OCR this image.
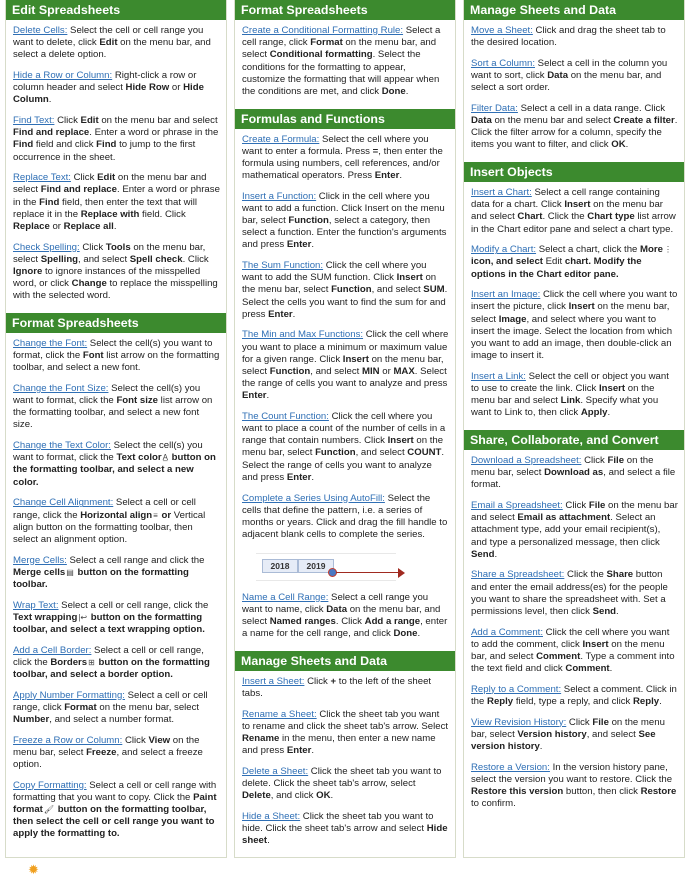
Edit Spreadsheets

Delete Cells: Select the cell or cell range you want to delete, click Edit on the menu bar, and select a delete option.

Hide a Row or Column: Right-click a row or column header and select Hide Row or Hide Column.

Find Text: Click Edit on the menu bar and select Find and replace. Enter a word or phrase in the Find field and click Find to jump to the first occurrence in the sheet.

Replace Text: Click Edit on the menu bar and select Find and replace. Enter a word or phrase in the Find field, then enter the text that will replace it in the Replace with field. Click Replace or Replace all.

Check Spelling: Click Tools on the menu bar, select Spelling, and select Spell check. Click Ignore to ignore instances of the misspelled word, or click Change to replace the misspelling with the selected word.

Format Spreadsheets

Change the Font: Select the cell(s) you want to format, click the Font list arrow on the formatting toolbar, and select a new font.

Change the Font Size: Select the cell(s) you want to format, click the Font size list arrow on the formatting toolbar, and select a new font size.

Change the Text Color: Select the cell(s) you want to format, click the Text colorA̲ button on the formatting toolbar, and select a new color.

Change Cell Alignment: Select a cell or cell range, click the Horizontal align≡ or Vertical align button on the formatting toolbar, then select an alignment option.

Merge Cells: Select a cell range and click the Merge cells▤ button on the formatting toolbar.

Wrap Text: Select a cell or cell range, click the Text wrapping|↩ button on the formatting toolbar, and select a text wrapping option.

Add a Cell Border: Select a cell or cell range, click the Borders⊞ button on the formatting toolbar, and select a border option.

Apply Number Formatting: Select a cell or cell range, click Format on the menu bar, select Number, and select a number format.

Freeze a Row or Column: Click View on the menu bar, select Freeze, and select a freeze option.

Copy Formatting: Select a cell or cell range with formatting that you want to copy. Click the Paint format🖌 button on the formatting toolbar, then select the cell or cell range you want to apply the formatting to.

Format Spreadsheets

Create a Conditional Formatting Rule: Select a cell range, click Format on the menu bar, and select Conditional formatting. Select the conditions for the formatting to appear, customize the formatting that will appear when the conditions are met, and click Done.

Formulas and Functions

Create a Formula: Select the cell where you want to enter a formula. Press =, then enter the formula using numbers, cell references, and/or mathematical operators. Press Enter.

Insert a Function: Click in the cell where you want to add a function. Click Insert on the menu bar, select Function, select a category, then select a function. Enter the function's arguments and press Enter.

The Sum Function: Click the cell where you want to add the SUM function. Click Insert on the menu bar, select Function, and select SUM. Select the cells you want to find the sum for and press Enter.

The Min and Max Functions: Click the cell where you want to place a minimum or maximum value for a given range. Click Insert on the menu bar, select Function, and select MIN or MAX. Select the range of cells you want to analyze and press Enter.

The Count Function: Click the cell where you want to place a count of the number of cells in a range that contain numbers. Click Insert on the menu bar, select Function, and select COUNT. Select the range of cells you want to analyze and press Enter.

Complete a Series Using AutoFill: Select the cells that define the pattern, i.e. a series of months or years. Click and drag the fill handle to adjacent blank cells to complete the series.

2018	2019

Name a Cell Range: Select a cell range you want to name, click Data on the menu bar, and select Named ranges. Click Add a range, enter a name for the cell range, and click Done.

Manage Sheets and Data

Insert a Sheet: Click + to the left of the sheet tabs.

Rename a Sheet: Click the sheet tab you want to rename and click the sheet tab's arrow. Select Rename in the menu, then enter a new name and press Enter.

Delete a Sheet: Click the sheet tab you want to delete. Click the sheet tab's arrow, select Delete, and click OK.

Hide a Sheet: Click the sheet tab you want to hide. Click the sheet tab's arrow and select Hide sheet.

Manage Sheets and Data

Move a Sheet: Click and drag the sheet tab to the desired location.

Sort a Column: Select a cell in the column you want to sort, click Data on the menu bar, and select a sort order.

Filter Data: Select a cell in a data range. Click Data on the menu bar and select Create a filter. Click the filter arrow for a column, specify the items you want to filter, and click OK.

Insert Objects

Insert a Chart: Select a cell range containing data for a chart. Click Insert on the menu bar and select Chart. Click the Chart type list arrow in the Chart editor pane and select a chart type.

Modify a Chart: Select a chart, click the More⋮ icon, and select Edit chart. Modify the options in the Chart editor pane.

Insert an Image: Click the cell where you want to insert the picture, click Insert on the menu bar, select Image, and select where you want to insert the image. Select the location from which you want to add an image, then double-click an image to insert it.

Insert a Link: Select the cell or object you want to use to create the link. Click Insert on the menu bar and select Link. Specify what you want to Link to, then click Apply.

Share, Collaborate, and Convert

Download a Spreadsheet: Click File on the menu bar, select Download as, and select a file format.

Email a Spreadsheet: Click File on the menu bar and select Email as attachment. Select an attachment type, add your email recipient(s), and type a personalized message, then click Send.

Share a Spreadsheet: Click the Share button and enter the email address(es) for the people you want to share the spreadsheet with. Set a permissions level, then click Send.

Add a Comment: Click the cell where you want to add the comment, click Insert on the menu bar, and select Comment. Type a comment into the text field and click Comment.

Reply to a Comment: Select a comment. Click in the Reply field, type a reply, and click Reply.

View Revision History: Click File on the menu bar, select Version history, and select See version history.

Restore a Version: In the version history pane, select the version you want to restore. Click the Restore this version button, then click Restore to confirm.

✹
